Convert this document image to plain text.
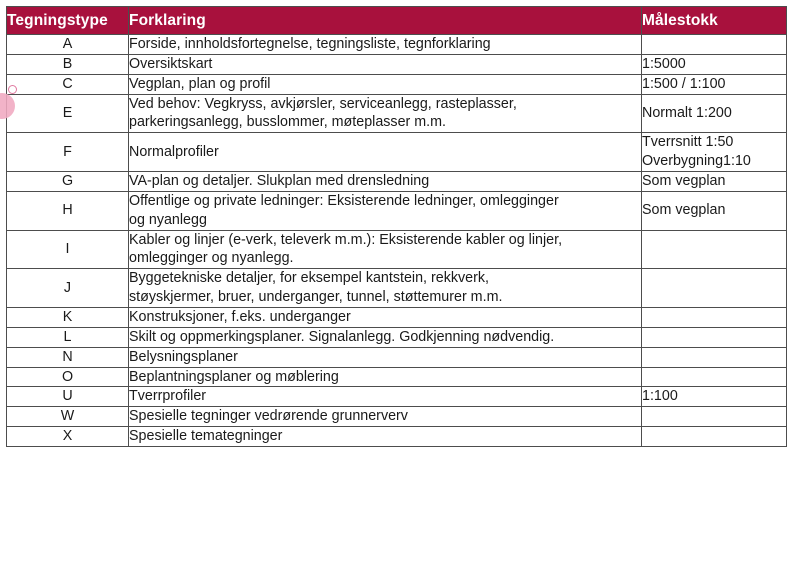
Tegningstype	Forklaring	Målestokk
A	Forside, innholdsfortegnelse, tegningsliste, tegnforklaring	

B	Oversiktskart	1:5000

C	Vegplan, plan og profil	1:500 / 1:100

E	Ved behov: Vegkryss, avkjørsler, serviceanlegg, rasteplasser,
parkeringsanlegg, busslommer, møteplasser m.m.	Normalt 1:200

F	Normalprofiler	Tverrsnitt 1:50
Overbygning1:10

G	VA-plan og detaljer. Slukplan med drensledning	Som vegplan

H	Offentlige og private ledninger: Eksisterende ledninger, omlegginger
og nyanlegg	Som vegplan

I	Kabler og linjer (e-verk, televerk m.m.): Eksisterende kabler og linjer,
omlegginger og nyanlegg.	

J	Byggetekniske detaljer, for eksempel kantstein, rekkverk,
støyskjermer, bruer, underganger, tunnel, støttemurer m.m.	

K	Konstruksjoner, f.eks. underganger	

L	Skilt og oppmerkingsplaner. Signalanlegg. Godkjenning nødvendig.	

N	Belysningsplaner	

O	Beplantningsplaner og møblering	

U	Tverrprofiler	1:100

W	Spesielle tegninger vedrørende grunnerverv	

X	Spesielle temategninger	
